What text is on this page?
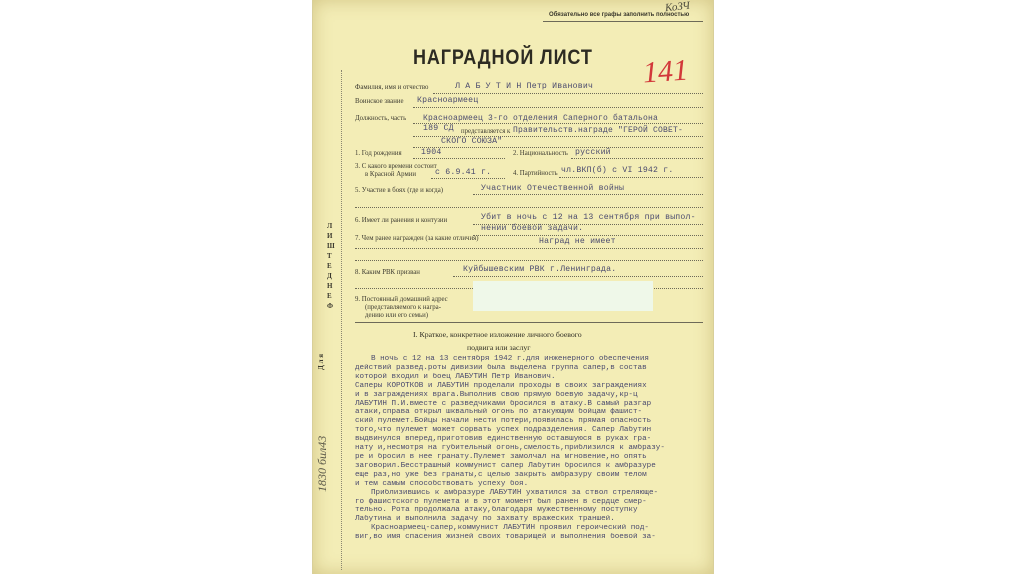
КоЗЧ
Обязательно все графы заполнить полностью
НАГРАДНОЙ ЛИСТ 141
Л
И
Ш
Т
Е
Д
Н
Е
Ф
Д л я
1830 бил43
Фамилия, имя и отчество	Л А Б У Т И Н Петр Иванович
Воинское звание Красноармеец
Должность, часть Красноармеец 3-го отделения Саперного батальона
189 СД представляется к Правительств.награде "ГЕРОЙ СОВЕТ-
СКОГО СОЮЗА"
1. Год рождения 1904	2. Национальность русский
3. С какого времени состоит
в Красной Армии с 6.9.41 г.	4. Партийность чл.ВКП(б) с VI 1942 г.
5. Участие в боях (где и когда)	Участник Отечественной войны
6. Имеет ли ранения и контузии	Убит в ночь с 12 на 13 сентября при выпол-
нении боевой задачи.
7. Чем ранее награжден (за какие отличия)	Наград не имеет
8. Каким РВК призван	Куйбышевским РВК г.Ленинграда.
9. Постоянный домашний адрес
(представляемого к награ-
дению или его семьи)
I. Краткое, конкретное изложение личного боевого
подвига или заслуг
В ночь с 12 на 13 сентября 1942 г.для инженерного обеспечения
действий развед.роты дивизии была выделена группа сапер,в состав
которой входил и боец ЛАБУТИН Петр Иванович.
Саперы КОРОТКОВ и ЛАБУТИН проделали проходы в своих заграждениях
и в заграждениях врага.Выполнив свою прямую боевую задачу,кр-ц
ЛАБУТИН П.И.вместе с разведчиками бросился в атаку.В самый разгар
атаки,справа открыл шквальный огонь по атакующим бойцам фашист-
ский пулемет.Бойцы начали нести потери,появилась прямая опасность
того,что пулемет может сорвать успех подразделения. Сапер Лабутин
выдвинулся вперед,приготовив единственную оставшуюся в руках гра-
нату и,несмотря на губительный огонь,смелость,приблизился к амбразу-
ре и бросил в нее гранату.Пулемет замолчал на мгновение,но опять
заговорил.Бесстрашный коммунист сапер Лабутин бросился к амбразуре
еще раз,но уже без гранаты,с целью закрыть амбразуру своим телом
и тем самым способствовать успеху боя.
Приблизившись к амбразуре ЛАБУТИН ухватился за ствол стреляюще-
го фашистского пулемета и в этот момент был ранен в сердце смер-
тельно. Рота продолжала атаку,благодаря мужественному поступку
Лабутина и выполнила задачу по захвату вражеских траншей.
Красноармеец-сапер,коммунист ЛАБУТИН проявил героический под-
виг,во имя спасения жизней своих товарищей и выполнения боевой за-
